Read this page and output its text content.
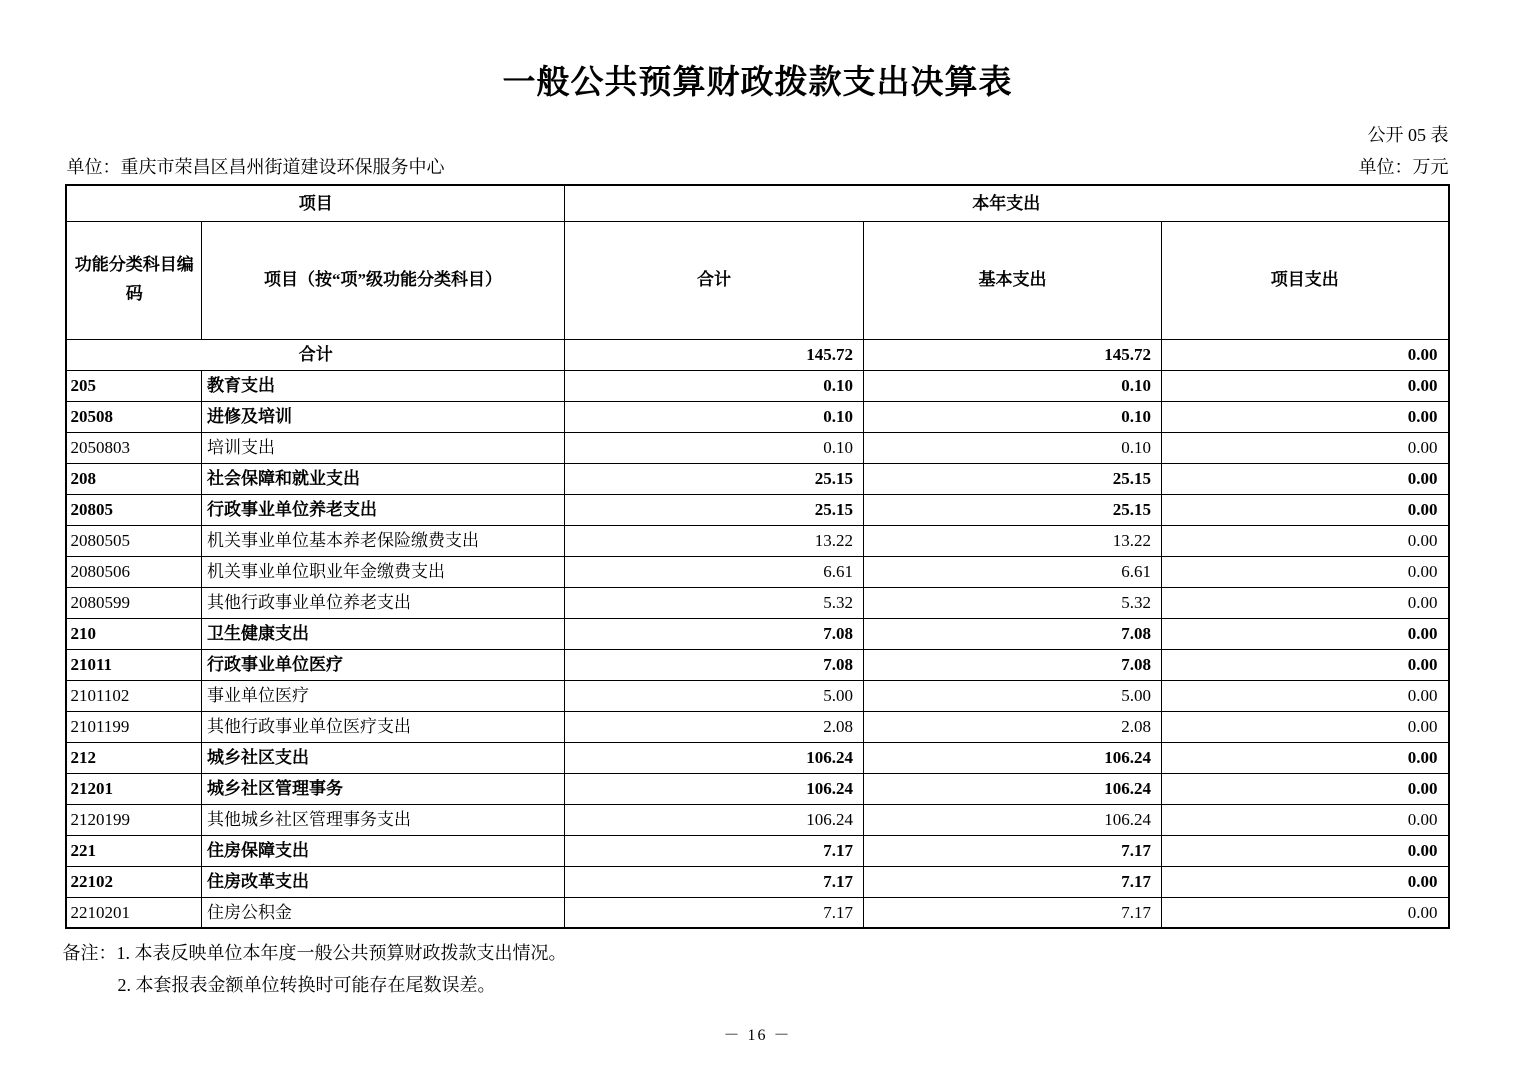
一般公共预算财政拨款支出决算表
公开 05 表
单位：重庆市荣昌区昌州街道建设环保服务中心	单位：万元
项目		本年支出		
功能分类科目编码	项目（按“项”级功能分类科目）	合计	基本支出	项目支出
合计		145.72	145.72	0.00
205	教育支出	0.10	0.10	0.00
20508	进修及培训	0.10	0.10	0.00
2050803	培训支出	0.10	0.10	0.00
208	社会保障和就业支出	25.15	25.15	0.00
20805	行政事业单位养老支出	25.15	25.15	0.00
2080505	机关事业单位基本养老保险缴费支出	13.22	13.22	0.00
2080506	机关事业单位职业年金缴费支出	6.61	6.61	0.00
2080599	其他行政事业单位养老支出	5.32	5.32	0.00
210	卫生健康支出	7.08	7.08	0.00
21011	行政事业单位医疗	7.08	7.08	0.00
2101102	事业单位医疗	5.00	5.00	0.00
2101199	其他行政事业单位医疗支出	2.08	2.08	0.00
212	城乡社区支出	106.24	106.24	0.00
21201	城乡社区管理事务	106.24	106.24	0.00
2120199	其他城乡社区管理事务支出	106.24	106.24	0.00
221	住房保障支出	7.17	7.17	0.00
22102	住房改革支出	7.17	7.17	0.00
2210201	住房公积金	7.17	7.17	0.00
备注：1. 本表反映单位本年度一般公共预算财政拨款支出情况。
2. 本套报表金额单位转换时可能存在尾数误差。
－ 16 －
